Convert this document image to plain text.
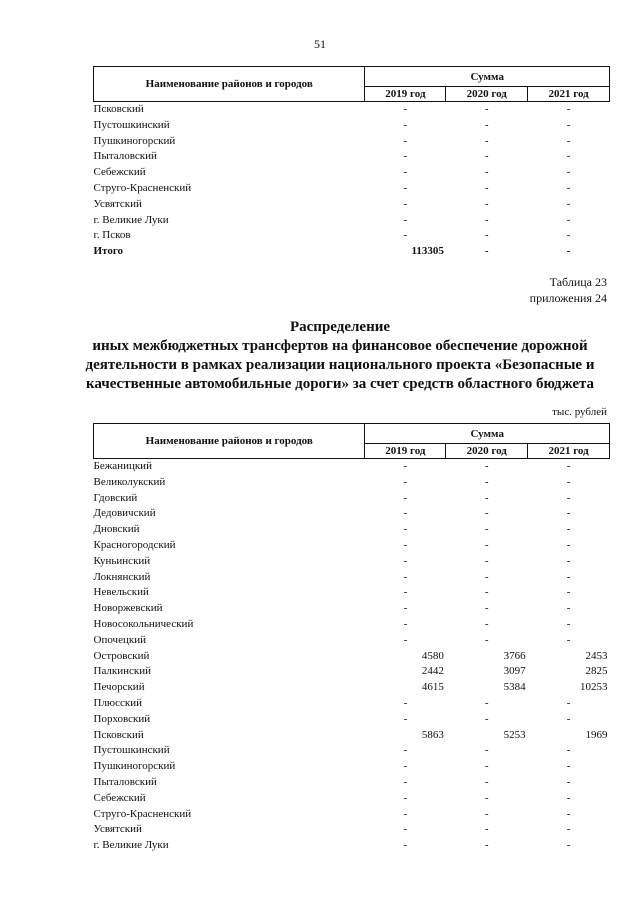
51
Наименование районов и городов	Сумма		
	2019 год	2020 год	2021 год
Псковский	-	-	-
Пустошкинский	-	-	-
Пушкиногорский	-	-	-
Пыталовский	-	-	-
Себежский	-	-	-
Струго-Красненский	-	-	-
Усвятский	-	-	-
г. Великие Луки	-	-	-
г. Псков	-	-	-
Итого	113305	-	-
Таблица 23
приложения 24
Распределение
иных межбюджетных трансфертов на финансовое обеспечение дорожной
деятельности в рамках реализации национального проекта «Безопасные и
качественные автомобильные дороги» за счет средств областного бюджета
тыс. рублей
Наименование районов и городов	Сумма		
	2019 год	2020 год	2021 год
Бежаницкий	-	-	-
Великолукский	-	-	-
Гдовский	-	-	-
Дедовичский	-	-	-
Дновский	-	-	-
Красногородский	-	-	-
Куньинский	-	-	-
Локнянский	-	-	-
Невельский	-	-	-
Новоржевский	-	-	-
Новосокольнический	-	-	-
Опочецкий	-	-	-
Островский	4580	3766	2453
Палкинский	2442	3097	2825
Печорский	4615	5384	10253
Плюсский	-	-	-
Порховский	-	-	-
Псковский	5863	5253	1969
Пустошкинский	-	-	-
Пушкиногорский	-	-	-
Пыталовский	-	-	-
Себежский	-	-	-
Струго-Красненский	-	-	-
Усвятский	-	-	-
г. Великие Луки	-	-	-
